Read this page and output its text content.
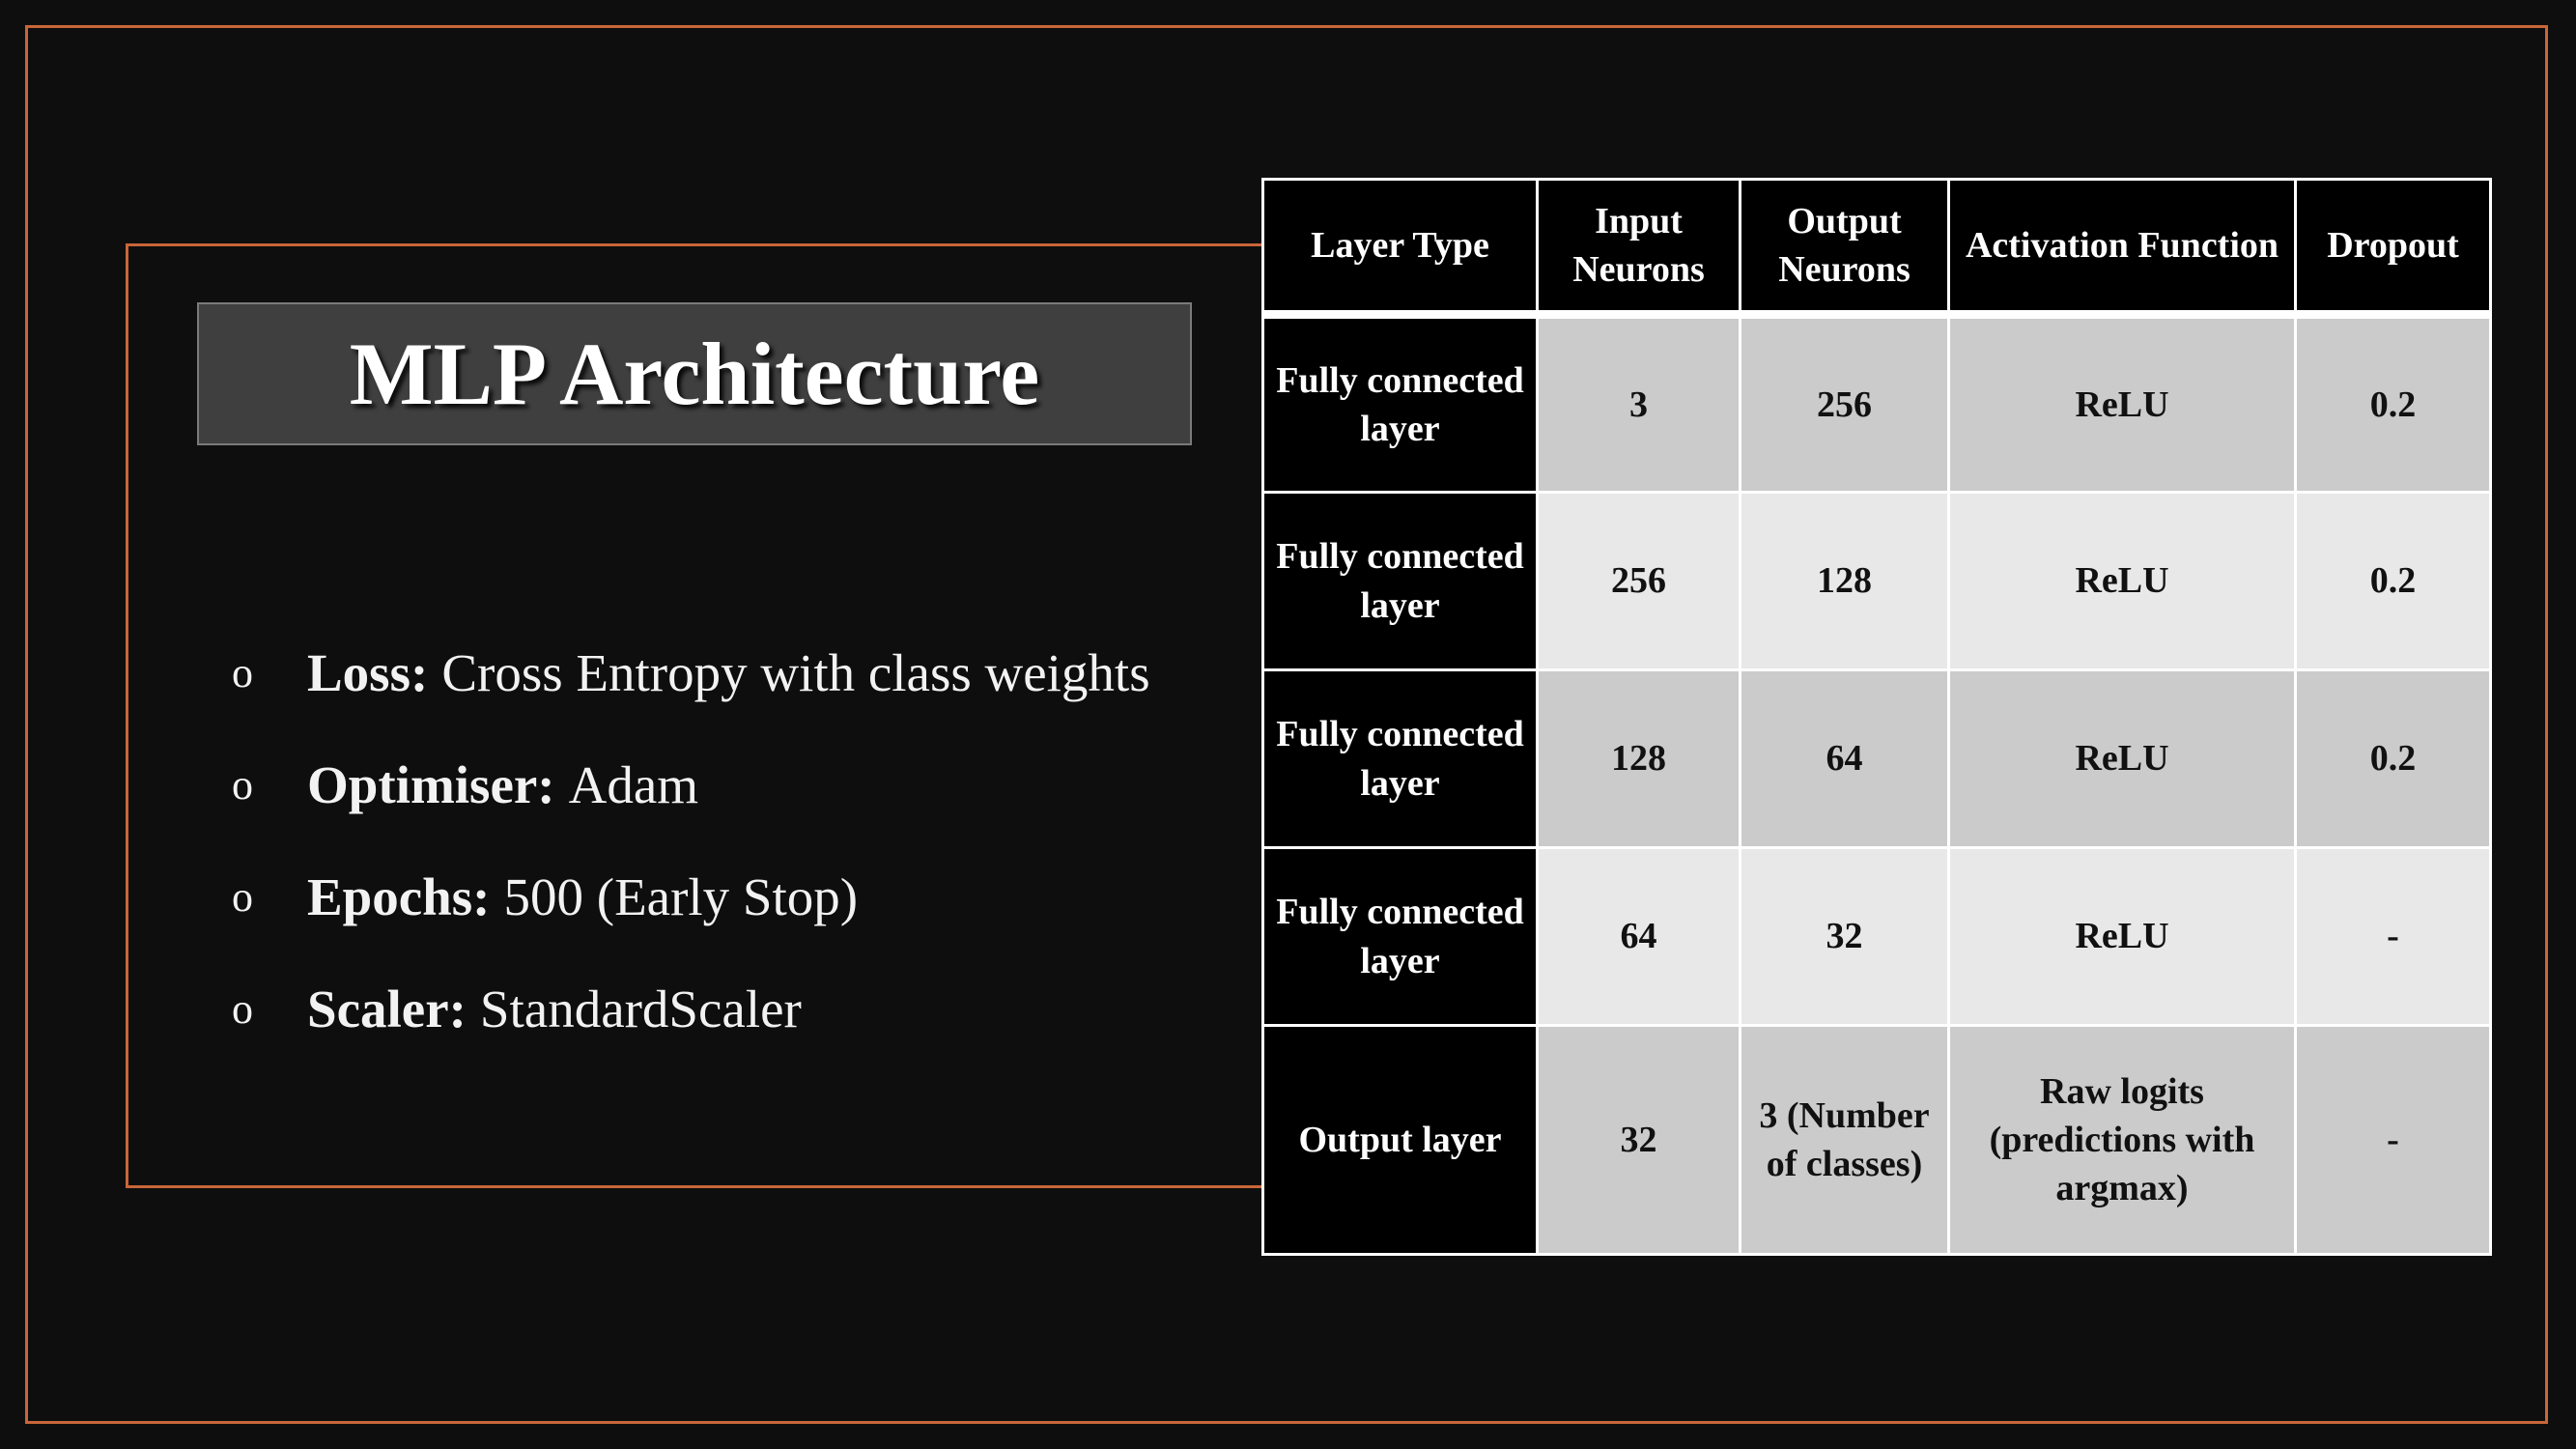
MLP Architecture
o	Loss: Cross Entropy with class weights
o	Optimiser: Adam
o	Epochs: 500 (Early Stop)
o	Scaler: StandardScaler
Layer Type	Input Neurons	Output Neurons	Activation Function	Dropout
Fully connected layer	3	256	ReLU	0.2
Fully connected layer	256	128	ReLU	0.2
Fully connected layer	128	64	ReLU	0.2
Fully connected layer	64	32	ReLU	-
Output layer	32	3 (Number of classes)	Raw logits (predictions with argmax)	-
